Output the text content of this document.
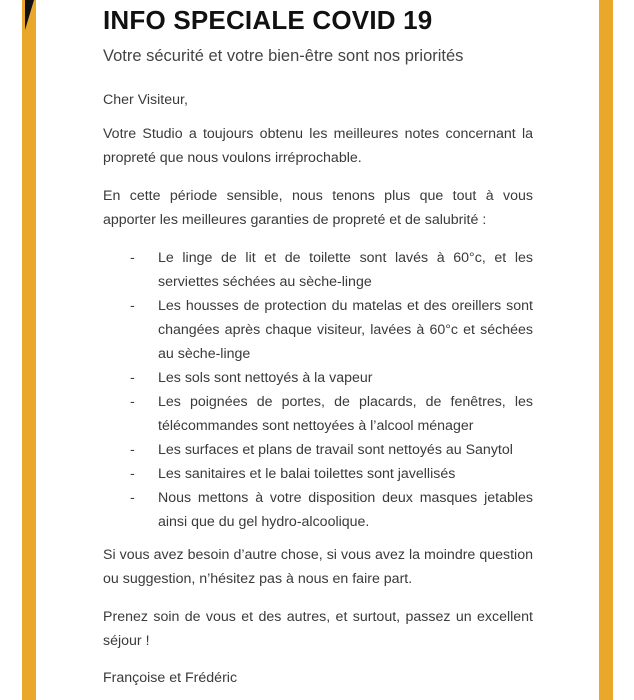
INFO SPECIALE COVID 19

Votre sécurité et votre bien-être sont nos priorités

Cher Visiteur,

Votre Studio a toujours obtenu les meilleures notes concernant la propreté que nous voulons irréprochable.

En cette période sensible, nous tenons plus que tout à vous apporter les meilleures garanties de propreté et de salubrité :

- Le linge de lit et de toilette sont lavés à 60°c, et les serviettes séchées au sèche-linge
- Les housses de protection du matelas et des oreillers sont changées après chaque visiteur, lavées à 60°c et séchées au sèche-linge
- Les sols sont nettoyés à la vapeur
- Les poignées de portes, de placards, de fenêtres, les télécommandes sont nettoyées à l’alcool ménager
- Les surfaces et plans de travail sont nettoyés au Sanytol
- Les sanitaires et le balai toilettes sont javellisés
- Nous mettons à votre disposition deux masques jetables ainsi que du gel hydro-alcoolique.

Si vous avez besoin d’autre chose, si vous avez la moindre question ou suggestion, n’hésitez pas à nous en faire part.

Prenez soin de vous et des autres, et surtout, passez un excellent séjour !

Françoise et Frédéric
